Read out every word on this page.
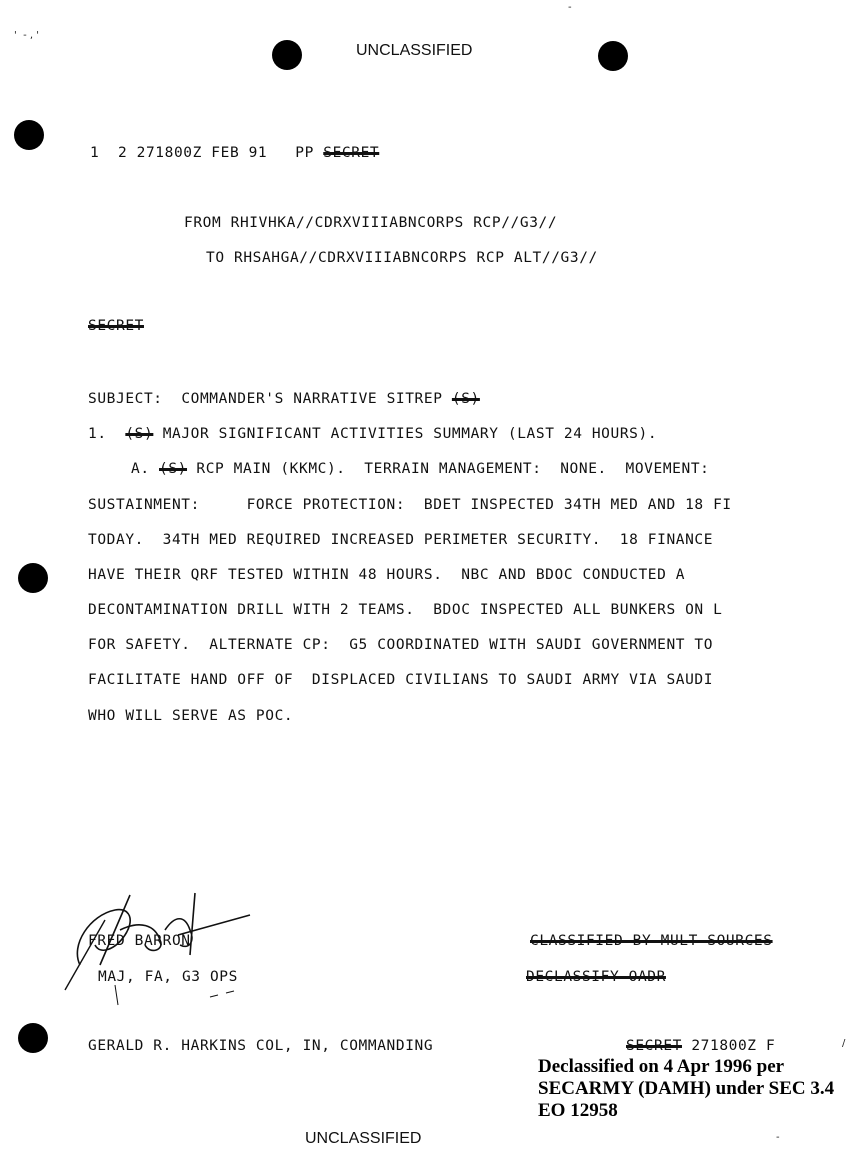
'  - , '
-
UNCLASSIFIED
1  2 271800Z FEB 91   PP SECRET
FROM RHIVHKA//CDRXVIIIABNCORPS RCP//G3//
TO RHSAHGA//CDRXVIIIABNCORPS RCP ALT//G3//
SECRET
SUBJECT: COMMANDER'S NARRATIVE SITREP (S)
1. (S) MAJOR SIGNIFICANT ACTIVITIES SUMMARY (LAST 24 HOURS).
A. (S) RCP MAIN (KKMC).  TERRAIN MANAGEMENT:  NONE.  MOVEMENT:
SUSTAINMENT:     FORCE PROTECTION:  BDET INSPECTED 34TH MED AND 18 FI
TODAY.  34TH MED REQUIRED INCREASED PERIMETER SECURITY.  18 FINANCE
HAVE THEIR QRF TESTED WITHIN 48 HOURS.  NBC AND BDOC CONDUCTED A
DECONTAMINATION DRILL WITH 2 TEAMS.  BDOC INSPECTED ALL BUNKERS ON L
FOR SAFETY.  ALTERNATE CP:  G5 COORDINATED WITH SAUDI GOVERNMENT TO
FACILITATE HAND OFF OF  DISPLACED CIVILIANS TO SAUDI ARMY VIA SAUDI
WHO WILL SERVE AS POC.
FRED BARRON
MAJ, FA, G3 OPS
CLASSIFIED BY MULT SOURCES
DECLASSIFY OADR
GERALD R. HARKINS COL, IN, COMMANDING	SECRET 271800Z F	/
Declassified on 4 Apr 1996 per
SECARMY (DAMH) under SEC 3.4
EO 12958
UNCLASSIFIED	-
